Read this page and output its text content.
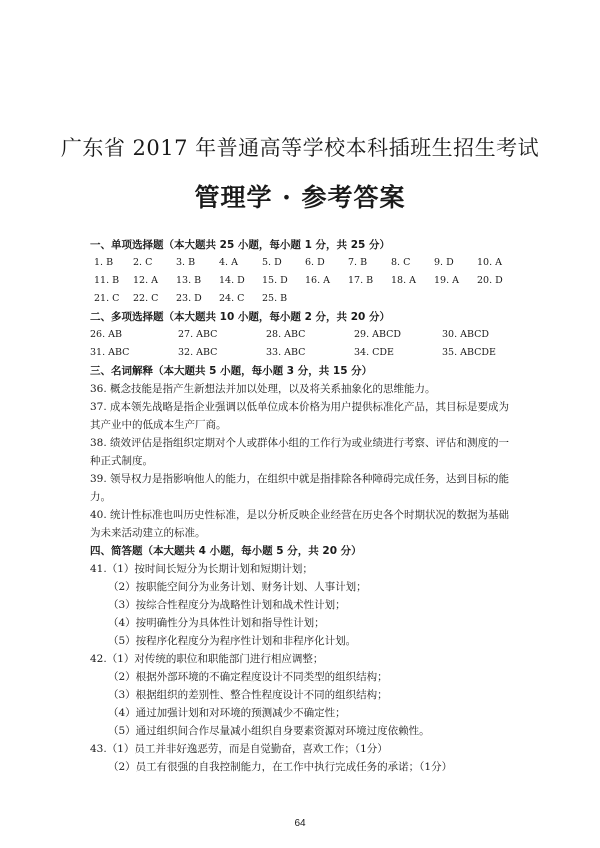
广东省 2017 年普通高等学校本科插班生招生考试
管理学 · 参考答案
一、单项选择题（本大题共 25 小题，每小题 1 分，共 25 分）
1. B	2. C	3. B	4. A	5. D	6. D	7. B	8. C	9. D	10. A
11. B	12. A	13. B	14. D	15. D	16. A	17. B	18. A	19. A	20. D
21. C	22. C	23. D	24. C	25. B
二、多项选择题（本大题共 10 小题，每小题 2 分，共 20 分）
26. AB	27. ABC	28. ABC	29. ABCD	30. ABCD
31. ABC	32. ABC	33. ABC	34. CDE	35. ABCDE
三、名词解释（本大题共 5 小题，每小题 3 分，共 15 分）

36. 概念技能是指产生新想法并加以处理，以及将关系抽象化的思维能力。

37. 成本领先战略是指企业强调以低单位成本价格为用户提供标准化产品，其目标是要成为

其产业中的低成本生产厂商。

38. 绩效评估是指组织定期对个人或群体小组的工作行为或业绩进行考察、评估和测度的一

种正式制度。

39. 领导权力是指影响他人的能力，在组织中就是指排除各种障碍完成任务，达到目标的能

力。

40. 统计性标准也叫历史性标准，是以分析反映企业经营在历史各个时期状况的数据为基础

为未来活动建立的标准。

四、简答题（本大题共 4 小题，每小题 5 分，共 20 分）

41.（1）按时间长短分为长期计划和短期计划；

（2）按职能空间分为业务计划、财务计划、人事计划；

（3）按综合性程度分为战略性计划和战术性计划；

（4）按明确性分为具体性计划和指导性计划；

（5）按程序化程度分为程序性计划和非程序化计划。

42.（1）对传统的职位和职能部门进行相应调整；

（2）根据外部环境的不确定程度设计不同类型的组织结构；

（3）根据组织的差别性、整合性程度设计不同的组织结构；

（4）通过加强计划和对环境的预测减少不确定性；

（5）通过组织间合作尽量减小组织自身要素资源对环境过度依赖性。

43.（1）员工并非好逸恶劳，而是自觉勤奋，喜欢工作；（1分）

（2）员工有很强的自我控制能力，在工作中执行完成任务的承诺；（1分）

64
